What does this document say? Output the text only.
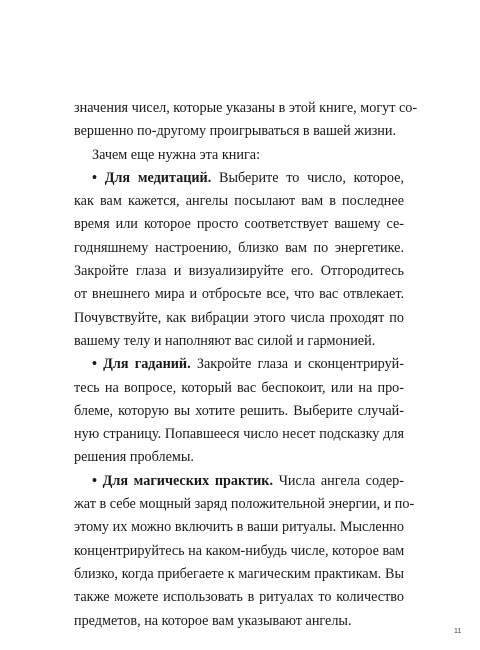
значения чисел, которые указаны в этой книге, могут со-
вершенно по-другому проигрываться в вашей жизни.
Зачем еще нужна эта книга:
• Для медитаций. Выберите то число, которое,
как вам кажется, ангелы посылают вам в последнее
время или которое просто соответствует вашему се-
годняшнему настроению, близко вам по энергетике.
Закройте глаза и визуализируйте его. Отгородитесь
от внешнего мира и отбросьте все, что вас отвлекает.
Почувствуйте, как вибрации этого числа проходят по
вашему телу и наполняют вас силой и гармонией.
• Для гаданий. Закройте глаза и сконцентрируй-
тесь на вопросе, который вас беспокоит, или на про-
блеме, которую вы хотите решить. Выберите случай-
ную страницу. Попавшееся число несет подсказку для
решения проблемы.
• Для магических практик. Числа ангела содер-
жат в себе мощный заряд положительной энергии, и по-
этому их можно включить в ваши ритуалы. Мысленно
концентрируйтесь на каком-нибудь числе, которое вам
близко, когда прибегаете к магическим практикам. Вы
также можете использовать в ритуалах то количество
предметов, на которое вам указывают ангелы.
11
